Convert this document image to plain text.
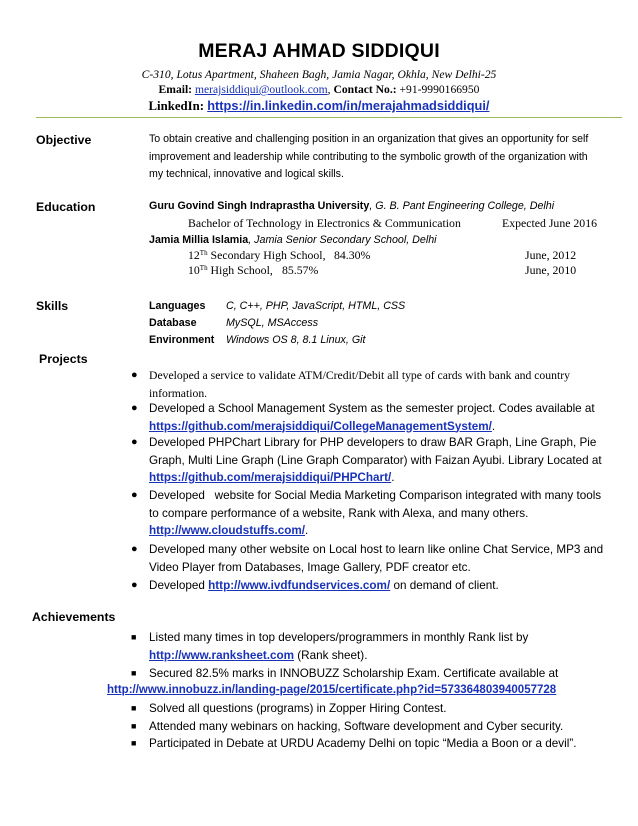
MERAJ AHMAD SIDDIQUI
C-310, Lotus Apartment, Shaheen Bagh, Jamia Nagar, Okhla, New Delhi-25
Email: merajsiddiqui@outlook.com, Contact No.: +91-9990166950
LinkedIn: https://in.linkedin.com/in/merajahmadsiddiqui/
Objective	To obtain creative and challenging position in an organization that gives an opportunity for self
improvement and leadership while contributing to the symbolic growth of the organization with
my technical, innovative and logical skills.
Education	Guru Govind Singh Indraprastha University, G. B. Pant Engineering College, Delhi
Bachelor of Technology in Electronics & Communication	Expected June 2016
Jamia Millia Islamia, Jamia Senior Secondary School, Delhi
12Th Secondary High School, 84.30%	June, 2012
10Th High School, 85.57%	June, 2010
Skills	Languages C, C++, PHP, JavaScript, HTML, CSS
Database	MySQL, MSAccess
Environment Windows OS 8, 8.1 Linux, Git
Projects
● Developed a service to validate ATM/Credit/Debit all type of cards with bank and country
information.
● Developed a School Management System as the semester project. Codes available at
https://github.com/merajsiddiqui/CollegeManagementSystem/.
● Developed PHPChart Library for PHP developers to draw BAR Graph, Line Graph, Pie
Graph, Multi Line Graph (Line Graph Comparator) with Faizan Ayubi. Library Located at
https://github.com/merajsiddiqui/PHPChart/.
● Developed   website for Social Media Marketing Comparison integrated with many tools
to compare performance of a website, Rank with Alexa, and many others.
http://www.cloudstuffs.com/.
● Developed many other website on Local host to learn like online Chat Service, MP3 and
Video Player from Databases, Image Gallery, PDF creator etc.
● Developed http://www.ivdfundservices.com/ on demand of client.
Achievements
■ Listed many times in top developers/programmers in monthly Rank list by
http://www.ranksheet.com (Rank sheet).
■ Secured 82.5% marks in INNOBUZZ Scholarship Exam. Certificate available at
http://www.innobuzz.in/landing-page/2015/certificate.php?id=573364803940057728
■ Solved all questions (programs) in Zopper Hiring Contest.
■ Attended many webinars on hacking, Software development and Cyber security.
■ Participated in Debate at URDU Academy Delhi on topic “Media a Boon or a devil”.
